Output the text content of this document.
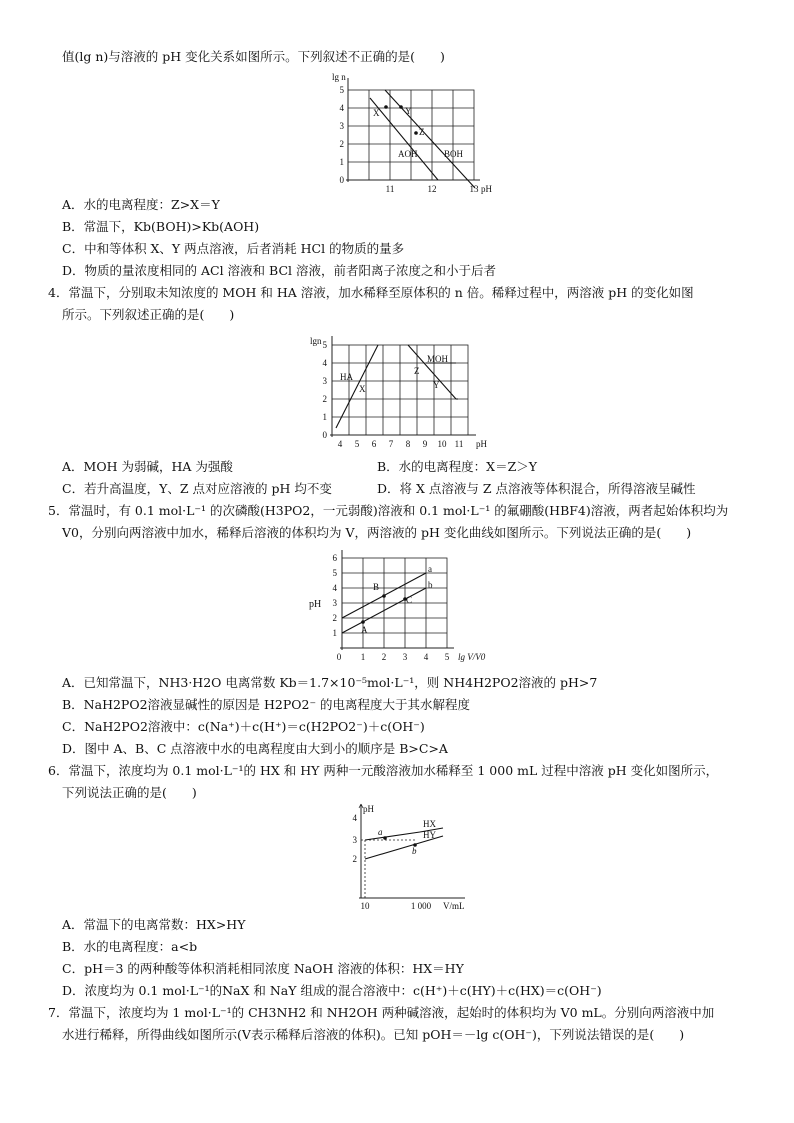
值(lg n)与溶液的 pH 变化关系如图所示。下列叙述不正确的是(　　)
lg n
5
4
3
2
1
0
11	12	13 pH
X	Y
Z
AOH	BOH
A．水的电离程度：Z>X＝Y
B．常温下，Kb(BOH)>Kb(AOH)
C．中和等体积 X、Y 两点溶液，后者消耗 HCl 的物质的量多
D．物质的量浓度相同的 ACl 溶液和 BCl 溶液，前者阳离子浓度之和小于后者
4．常温下，分别取未知浓度的 MOH 和 HA 溶液，加水稀释至原体积的 n 倍。稀释过程中，两溶液 pH 的变化如图
所示。下列叙述正确的是(　　)
lgn 5
4
3
2
1
0
4 5 6 7 8 9 10 11 pH
HA
X
MOH
Z
Y
A．MOH 为弱碱，HA 为强酸	B．水的电离程度：X＝Z＞Y
C．若升高温度，Y、Z 点对应溶液的 pH 均不变	D．将 X 点溶液与 Z 点溶液等体积混合，所得溶液呈碱性
5．常温时，有 0.1 mol·L⁻¹ 的次磷酸(H3PO2，一元弱酸)溶液和 0.1 mol·L⁻¹ 的氟硼酸(HBF4)溶液，两者起始体积均为
V0，分别向两溶液中加水，稀释后溶液的体积均为 V，两溶液的 pH 变化曲线如图所示。下列说法正确的是(　　)
pH
6
5
4
3
2
1
0 1 2 3 4 5 lg V/V0
A
B
C
a
b
A．已知常温下，NH3·H2O 电离常数 Kb＝1.7×10⁻⁵mol·L⁻¹，则 NH4H2PO2溶液的 pH>7
B．NaH2PO2溶液显碱性的原因是 H2PO2⁻ 的电离程度大于其水解程度
C．NaH2PO2溶液中：c(Na⁺)＋c(H⁺)＝c(H2PO2⁻)＋c(OH⁻)
D．图中 A、B、C 点溶液中水的电离程度由大到小的顺序是 B>C>A
6．常温下，浓度均为 0.1 mol·L⁻¹的 HX 和 HY 两种一元酸溶液加水稀释至 1 000 mL 过程中溶液 pH 变化如图所示，
下列说法正确的是(　　)
pH
4
3
2
10	1 000 V/mL
a
b
HX
HY
A．常温下的电离常数：HX>HY
B．水的电离程度：a<b
C．pH＝3 的两种酸等体积消耗相同浓度 NaOH 溶液的体积：HX＝HY
D．浓度均为 0.1 mol·L⁻¹的NaX 和 NaY 组成的混合溶液中：c(H⁺)＋c(HY)＋c(HX)＝c(OH⁻)
7．常温下，浓度均为 1 mol·L⁻¹的 CH3NH2 和 NH2OH 两种碱溶液，起始时的体积均为 V0 mL。分别向两溶液中加
水进行稀释，所得曲线如图所示(V表示稀释后溶液的体积)。已知 pOH＝－lg c(OH⁻)，下列说法错误的是(　　)
